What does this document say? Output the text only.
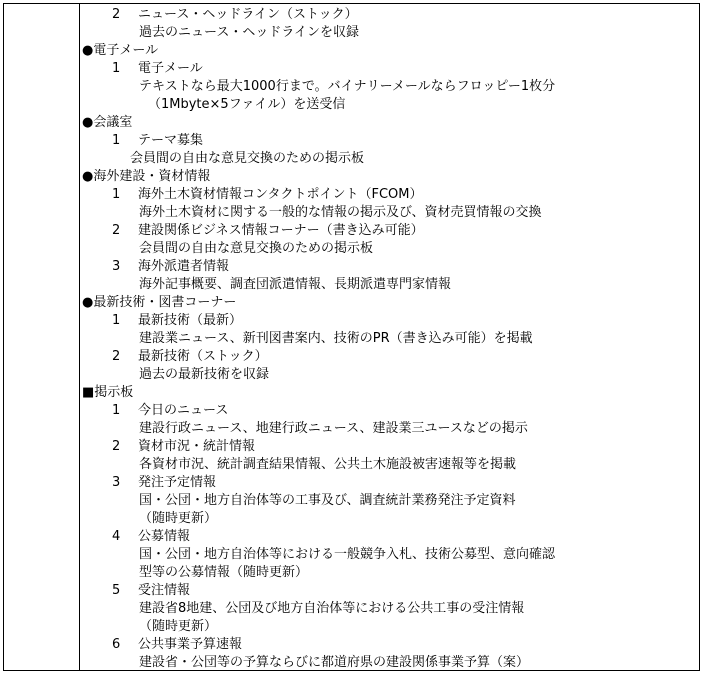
2 ニュース・ヘッドライン（ストック）
過去のニュース・ヘッドラインを収録
●電子メール
1 電子メール
テキストなら最大1000行まで。バイナリーメールならフロッピー1枚分
（1Mbyte×5ファイル）を送受信
●会議室
1 テーマ募集
会員間の自由な意見交換のための掲示板
●海外建設・資材情報
1 海外土木資材情報コンタクトポイント（FCOM）
海外土木資材に関する一般的な情報の掲示及び、資材売買情報の交換
2 建設関係ビジネス情報コーナー（書き込み可能）
会員間の自由な意見交換のための掲示板
3 海外派遣者情報
海外記事概要、調査団派遣情報、長期派遣専門家情報
●最新技術・図書コーナー
1 最新技術（最新）
建設業ニュース、新刊図書案内、技術のPR（書き込み可能）を掲載
2 最新技術（ストック）
過去の最新技術を収録
■掲示板
1 今日のニュース
建設行政ニュース、地建行政ニュース、建設業三ユースなどの掲示
2 資材市況・統計情報
各資材市況、統計調査結果情報、公共土木施設被害速報等を掲載
3 発注予定情報
国・公団・地方自治体等の工事及び、調査統計業務発注予定資料
（随時更新）
4 公募情報
国・公団・地方自治体等における一般競争入札、技術公募型、意向確認
型等の公募情報（随時更新）
5 受注情報
建設省8地建、公団及び地方自治体等における公共工事の受注情報
（随時更新）
6 公共事業予算速報
建設省・公団等の予算ならびに都道府県の建設関係事業予算（案）
